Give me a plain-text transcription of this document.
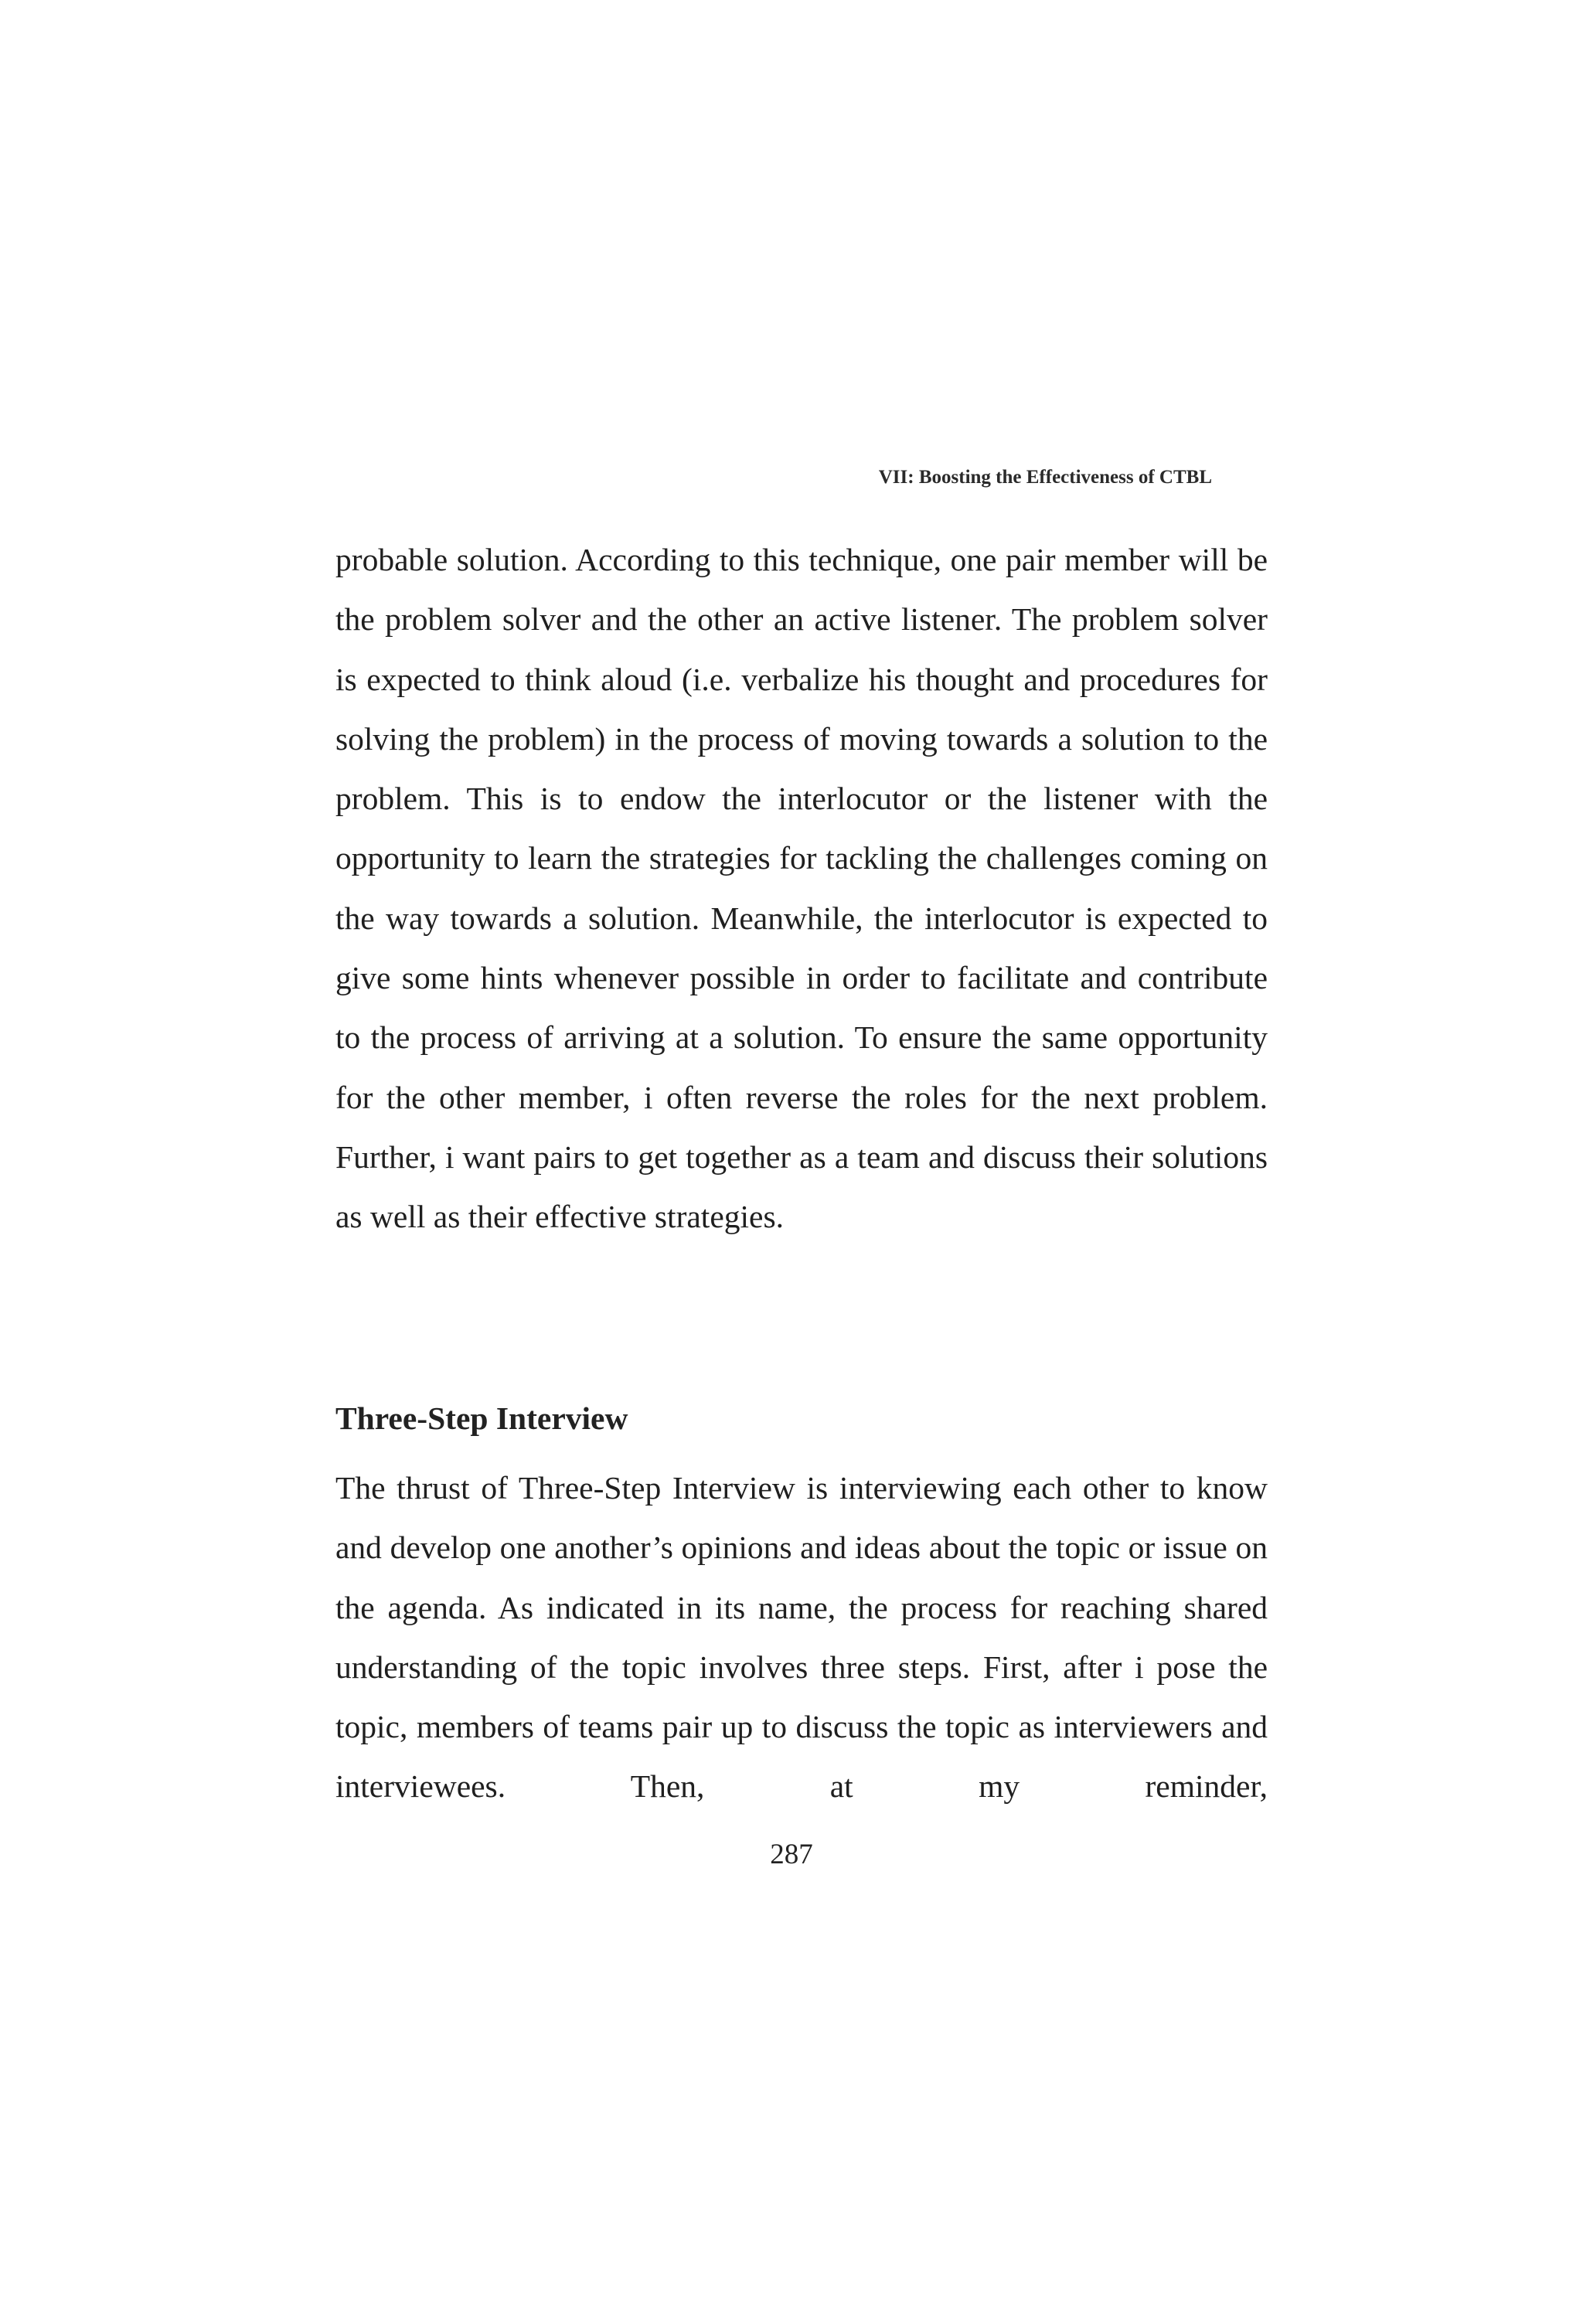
VII: Boosting the Effectiveness of CTBL

probable solution. According to this technique, one pair member will be the problem solver and the other an active listener. The problem solver is expected to think aloud (i.e. verbalize his thought and procedures for solving the problem) in the process of moving towards a solution to the problem. This is to endow the interlocutor or the listener with the opportunity to learn the strategies for tackling the challenges coming on the way towards a solution. Meanwhile, the interlocutor is expected to give some hints whenever possible in order to facilitate and contribute to the process of arriving at a solution. To ensure the same opportunity for the other member, i often reverse the roles for the next problem. Further, i want pairs to get together as a team and discuss their solutions as well as their effective strategies.

Three-Step Interview

The thrust of Three-Step Interview is interviewing each other to know and develop one another’s opinions and ideas about the topic or issue on the agenda. As indicated in its name, the process for reaching shared understanding of the topic involves three steps. First, after i pose the topic, members of teams pair up to discuss the topic as interviewers and interviewees. Then, at my reminder,

287
